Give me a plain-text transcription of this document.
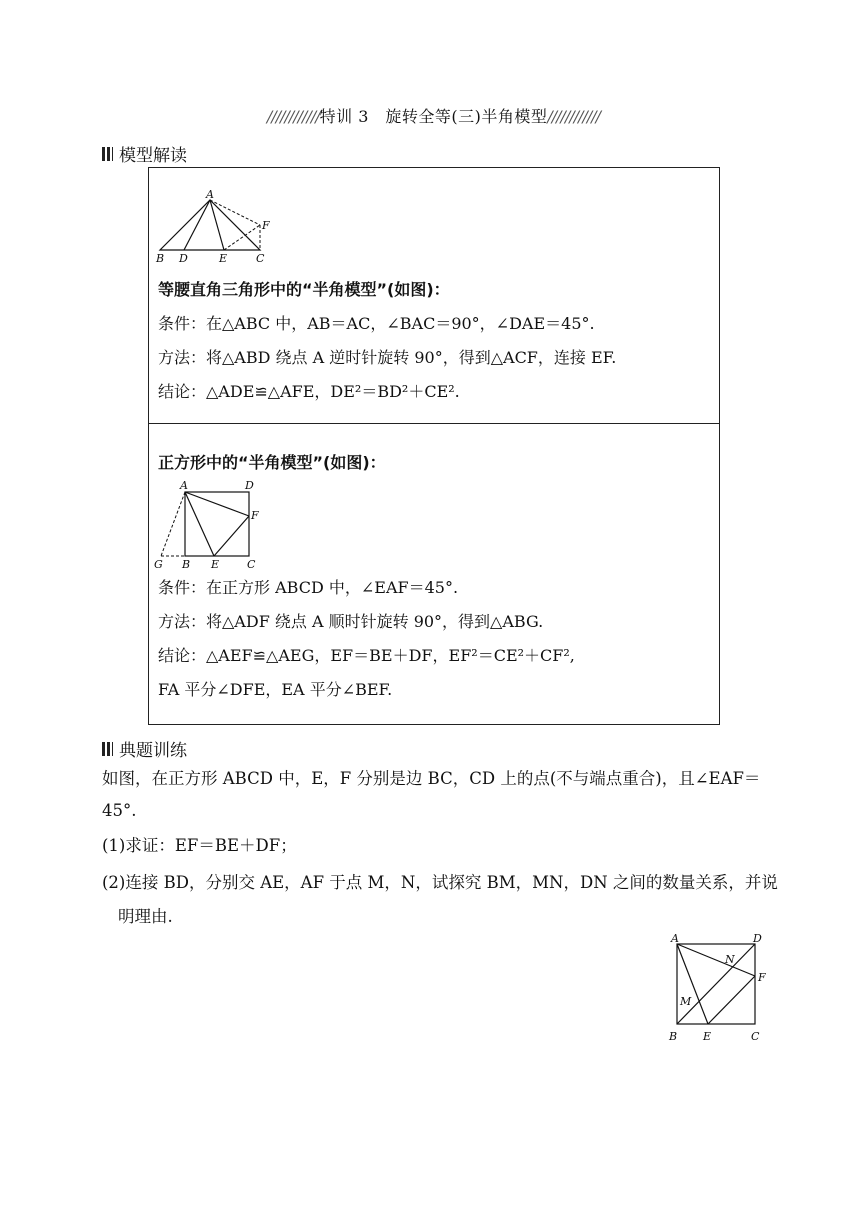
////////////特训 3　旋转全等(三)半角模型////////////
模型解读
A
B	C
D	E
F
等腰直角三角形中的“半角模型”(如图)：
条件：在△ABC 中，AB＝AC，∠BAC＝90°，∠DAE＝45°.
方法：将△ABD 绕点 A 逆时针旋转 90°，得到△ACF，连接 EF.
结论：△ADE≌△AFE，DE²＝BD²＋CE².
正方形中的“半角模型”(如图)：
A	D
F
B E	C
G
条件：在正方形 ABCD 中，∠EAF＝45°.
方法：将△ADF 绕点 A 顺时针旋转 90°，得到△ABG.
结论：△AEF≌△AEG，EF＝BE＋DF，EF²＝CE²＋CF²,
FA 平分∠DFE，EA 平分∠BEF.
典题训练
如图，在正方形 ABCD 中，E，F 分别是边 BC，CD 上的点(不与端点重合)，且∠EAF＝
45°.
(1)求证：EF＝BE＋DF；
(2)连接 BD，分别交 AE，AF 于点 M，N，试探究 BM，MN，DN 之间的数量关系，并说
明理由.
A	D
F
N
M
B E	C
